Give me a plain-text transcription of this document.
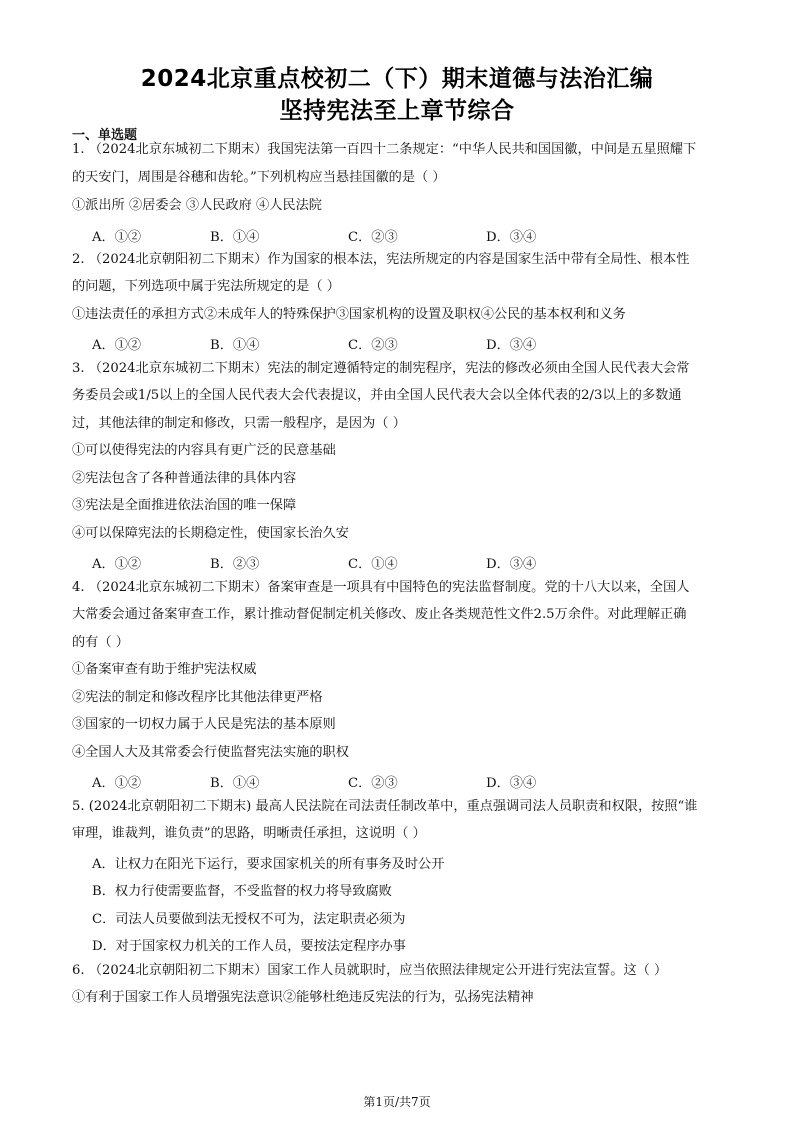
2024北京重点校初二（下）期末道德与法治汇编
坚持宪法至上章节综合
一、单选题
1. （2024北京东城初二下期末）我国宪法第一百四十二条规定：“中华人民共和国国徽，中间是五星照耀下
的天安门，周围是谷穗和齿轮。”下列机构应当悬挂国徽的是（ ）
①派出所 ②居委会 ③人民政府 ④人民法院
A．①②	B．①④	C．②③	D．③④
2. （2024北京朝阳初二下期末）作为国家的根本法，宪法所规定的内容是国家生活中带有全局性、根本性
的问题，下列选项中属于宪法所规定的是（ ）
①违法责任的承担方式②未成年人的特殊保护③国家机构的设置及职权④公民的基本权利和义务
A．①②	B．①④	C．②③	D．③④
3. （2024北京东城初二下期末）宪法的制定遵循特定的制宪程序，宪法的修改必须由全国人民代表大会常
务委员会或1/5以上的全国人民代表大会代表提议，并由全国人民代表大会以全体代表的2/3以上的多数通
过，其他法律的制定和修改，只需一般程序，是因为（ ）
①可以使得宪法的内容具有更广泛的民意基础
②宪法包含了各种普通法律的具体内容
③宪法是全面推进依法治国的唯一保障
④可以保障宪法的长期稳定性，使国家长治久安
A．①②	B．②③	C．①④	D．③④
4. （2024北京东城初二下期末）备案审查是一项具有中国特色的宪法监督制度。党的十八大以来，全国人
大常委会通过备案审查工作，累计推动督促制定机关修改、废止各类规范性文件2.5万余件。对此理解正确
的有（ ）
①备案审查有助于维护宪法权威
②宪法的制定和修改程序比其他法律更严格
③国家的一切权力属于人民是宪法的基本原则
④全国人大及其常委会行使监督宪法实施的职权
A．①②	B．①④	C．②③	D．③④
5. (2024北京朝阳初二下期末) 最高人民法院在司法责任制改革中，重点强调司法人员职责和权限，按照“谁
审理，谁裁判，谁负责”的思路，明晰责任承担，这说明（ ）
A．让权力在阳光下运行，要求国家机关的所有事务及时公开
B．权力行使需要监督，不受监督的权力将导致腐败
C．司法人员要做到法无授权不可为，法定职责必须为
D．对于国家权力机关的工作人员，要按法定程序办事
6. （2024北京朝阳初二下期末）国家工作人员就职时，应当依照法律规定公开进行宪法宣誓。这（ ）
①有利于国家工作人员增强宪法意识②能够杜绝违反宪法的行为，弘扬宪法精神
第1页/共7页
